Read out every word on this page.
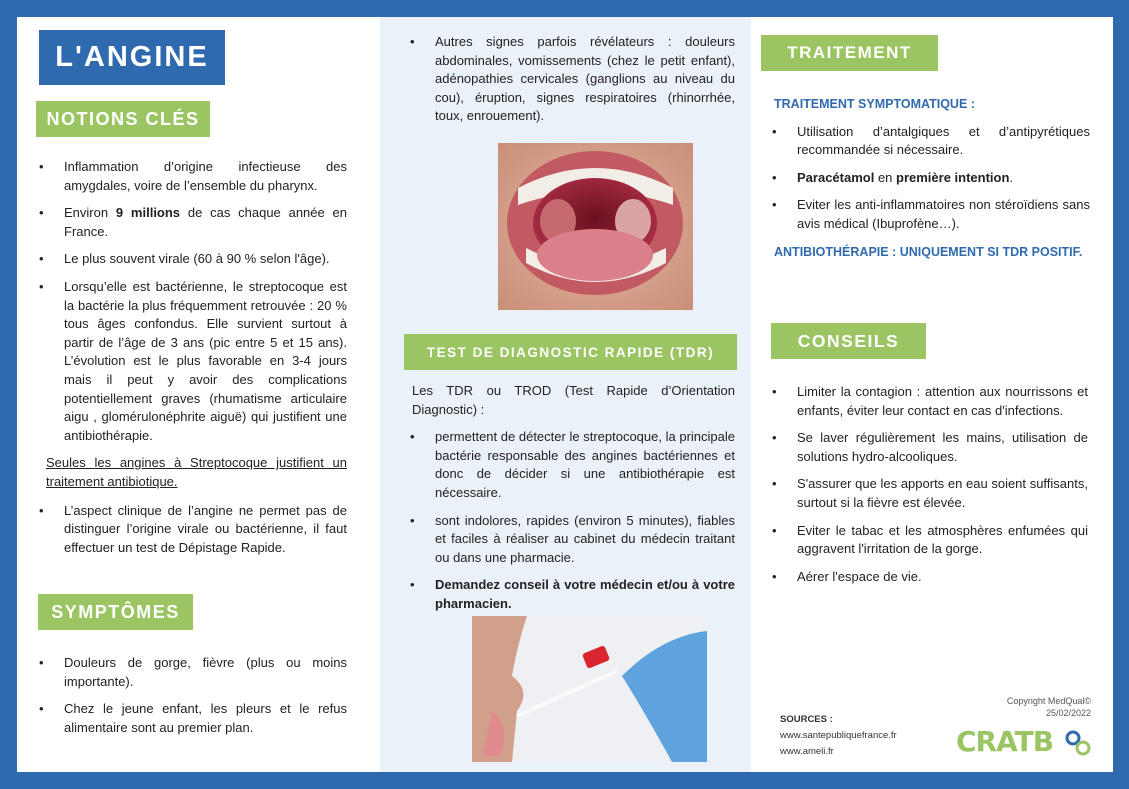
L'ANGINE
NOTIONS CLÉS
• Inflammation d’origine infectieuse des amygdales, voire de l’ensemble du pharynx.
• Environ 9 millions de cas chaque année en France.
• Le plus souvent virale (60 à 90 % selon l'âge).
• Lorsqu’elle est bactérienne, le streptocoque est la bactérie la plus fréquemment retrouvée : 20 % tous âges confondus. Elle survient surtout à partir de l’âge de 3 ans (pic entre 5 et 15 ans). L’évolution est le plus favorable en 3-4 jours mais il peut y avoir des complications potentiellement graves (rhumatisme articulaire aigu , glomérulonéphrite aiguë) qui justifient une antibiothérapie.

Seules les angines à Streptocoque justifient un traitement antibiotique.

• L’aspect clinique de l’angine ne permet pas de distinguer l’origine virale ou bactérienne, il faut effectuer un test de Dépistage Rapide.
SYMPTÔMES
• Douleurs de gorge, fièvre (plus ou moins importante).
• Chez le jeune enfant, les pleurs et le refus alimentaire sont au premier plan.
• Autres signes parfois révélateurs : douleurs abdominales, vomissements (chez le petit enfant), adénopathies cervicales (ganglions au niveau du cou), éruption, signes respiratoires (rhinorrhée, toux, enrouement).
TEST DE DIAGNOSTIC RAPIDE (TDR)

Les TDR ou TROD (Test Rapide d’Orientation Diagnostic) :

• permettent de détecter le streptocoque, la principale bactérie responsable des angines bactériennes et donc de décider si une antibiothérapie est nécessaire.
• sont indolores, rapides (environ 5 minutes), fiables et faciles à réaliser au cabinet du médecin traitant ou dans une pharmacie.
• Demandez conseil à votre médecin et/ou à votre pharmacien.
TRAITEMENT

TRAITEMENT SYMPTOMATIQUE :

• Utilisation d’antalgiques et d’antipyrétiques recommandée si nécessaire.
• Paracétamol en première intention.
• Eviter les anti-inflammatoires non stéroïdiens sans avis médical (Ibuprofène…).

ANTIBIOTHÉRAPIE : UNIQUEMENT SI TDR POSITIF.

CONSEILS
• Limiter la contagion : attention aux nourrissons et enfants, éviter leur contact en cas d'infections.
• Se laver régulièrement les mains, utilisation de solutions hydro-alcooliques.
• S'assurer que les apports en eau soient suffisants, surtout si la fièvre est élevée.
• Eviter le tabac et les atmosphères enfumées qui aggravent l'irritation de la gorge.
• Aérer l'espace de vie.
Copyright MedQual©
25/02/2022
SOURCES :
www.santepubliquefrance.fr
www.ameli.fr	CRATB
